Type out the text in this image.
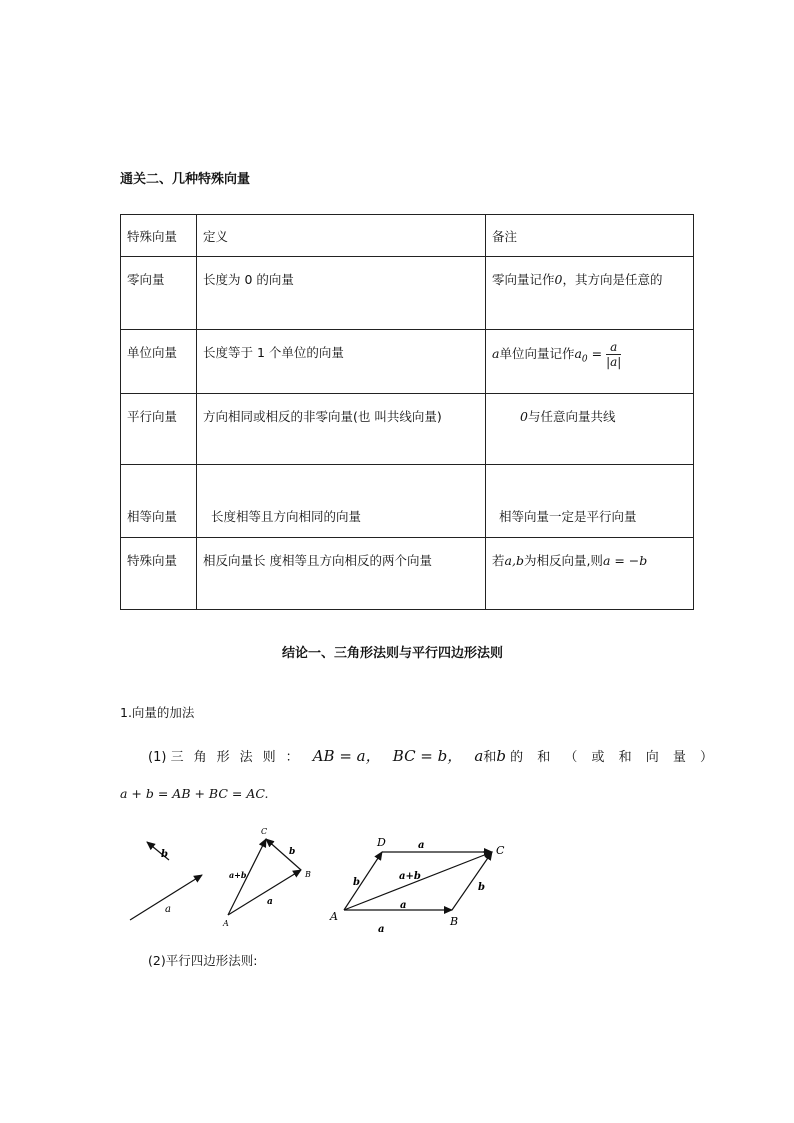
通关二、几种特殊向量
特殊向量	定义	备注
零向量	长度为 0 的向量	零向量记作0，其方向是任意的
单位向量	长度等于 1 个单位的向量	a单位向量记作$a_0 = \frac{a}{|a|}$

平行向量	方向相同或相反的非零向量(也 叫共线向量)	0与任意向量共线
相等向量	长度相等且方向相同的向量	相等向量一定是平行向量
特殊向量	相反向量长 度相等且方向相反的两个向量	若a,b为相反向量,则a = −b
结论一、三角形法则与平行四边形法则
1.向量的加法
(1) 三角形法则： AB = a， BC = b， a和b 的 和 （ 或 和 向 量 ）
a + b = AB + BC = AC.
a
b
A
B
C
a
b
a+b
A	B
C
D	a
a
a
b	b
a+b
(2)平行四边形法则:
